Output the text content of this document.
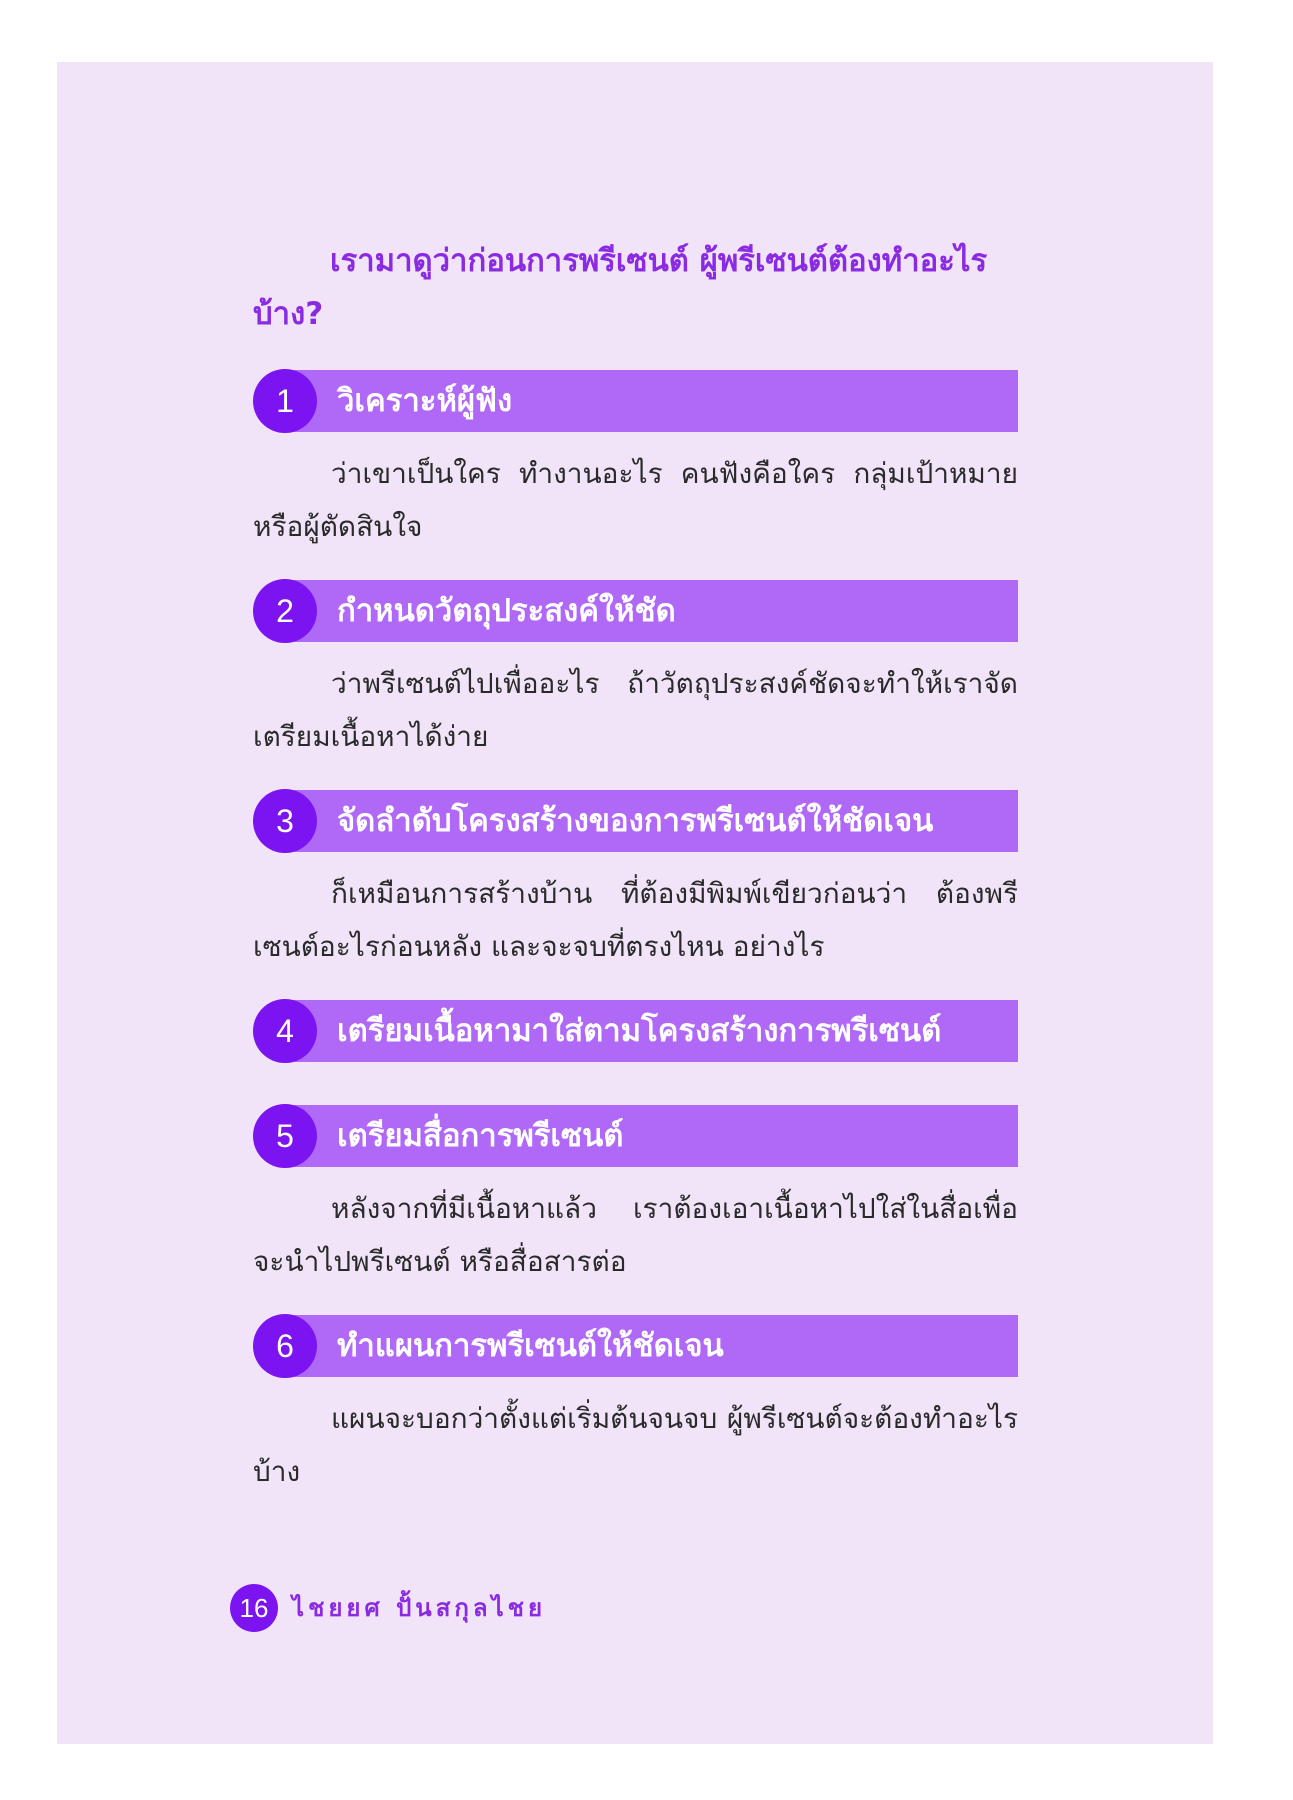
เรามาดูว่าก่อนการพรีเซนต์ ผู้พรีเซนต์ต้องทำอะไรบ้าง?

1	วิเคราะห์ผู้ฟัง

ว่าเขาเป็นใคร ทำงานอะไร คนฟังคือใคร กลุ่มเป้าหมาย หรือผู้ตัดสินใจ

2	กำหนดวัตถุประสงค์ให้ชัด

ว่าพรีเซนต์ไปเพื่ออะไร ถ้าวัตถุประสงค์ชัดจะทำให้เราจัดเตรียมเนื้อหาได้ง่าย

3	จัดลำดับโครงสร้างของการพรีเซนต์ให้ชัดเจน

ก็เหมือนการสร้างบ้าน ที่ต้องมีพิมพ์เขียวก่อนว่า ต้องพรีเซนต์อะไรก่อนหลัง และจะจบที่ตรงไหน อย่างไร

4	เตรียมเนื้อหามาใส่ตามโครงสร้างการพรีเซนต์
5	เตรียมสื่อการพรีเซนต์

หลังจากที่มีเนื้อหาแล้ว เราต้องเอาเนื้อหาไปใส่ในสื่อเพื่อจะนำไปพรีเซนต์ หรือสื่อสารต่อ

6	ทำแผนการพรีเซนต์ให้ชัดเจน

แผนจะบอกว่าตั้งแต่เริ่มต้นจนจบ ผู้พรีเซนต์จะต้องทำอะไรบ้าง

16 ไชยยศ ปั้นสกุลไชย
